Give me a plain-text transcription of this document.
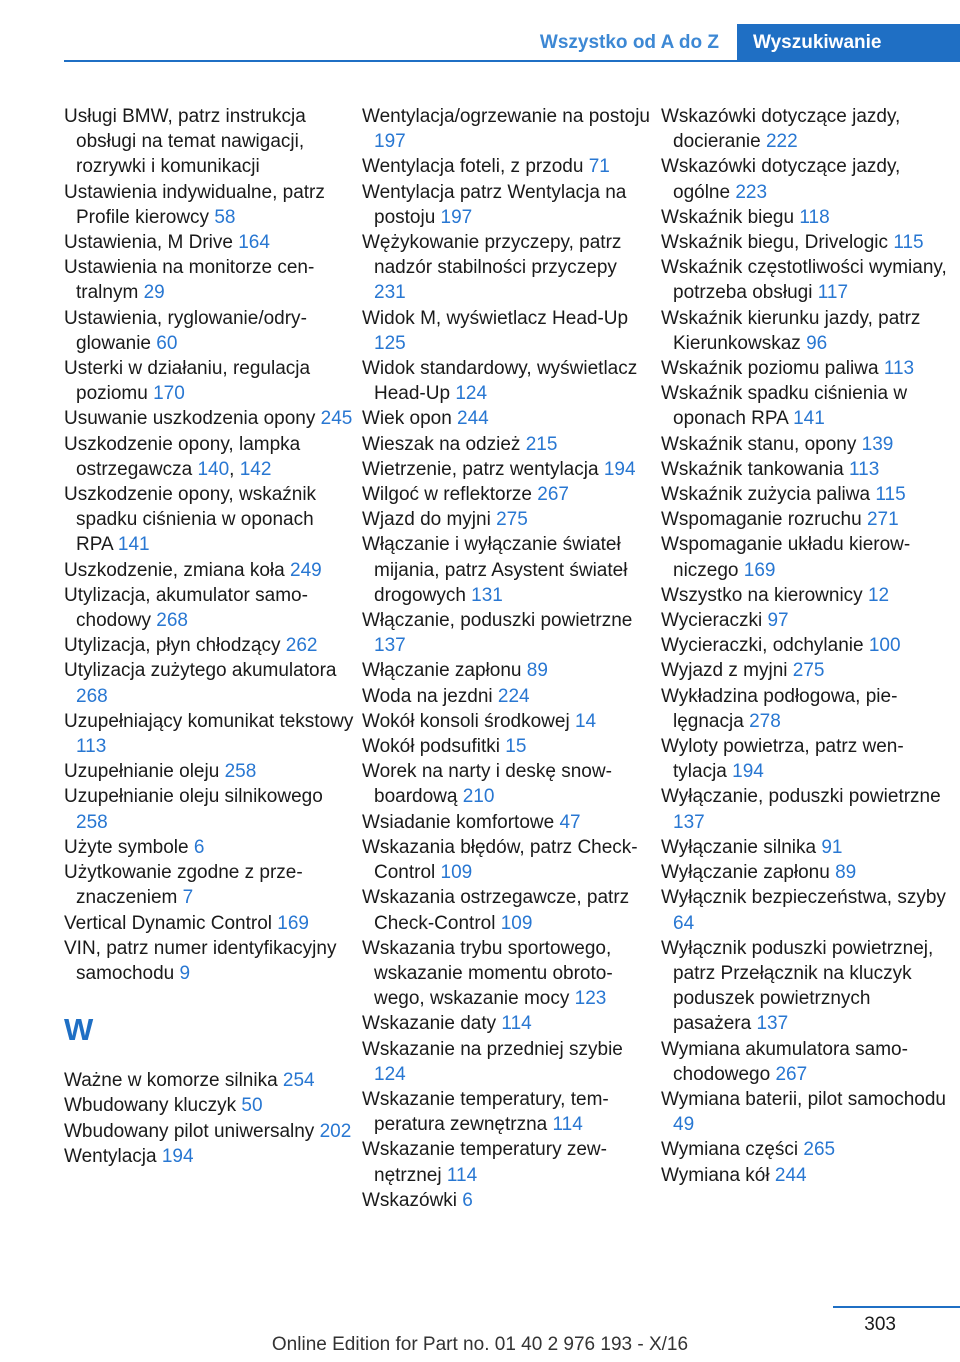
Wszystko od A do Z	Wyszukiwanie
Usługi BMW, patrz instrukcja obsługi na temat nawigacji, rozrywki i komunikacji
Ustawienia indywidualne, patrz Profile kierowcy 58
Ustawienia, M Drive 164
Ustawienia na monitorze centralnym 29
Ustawienia, ryglowanie/odryglowanie 60
Usterki w działaniu, regulacja poziomu 170
Usuwanie uszkodzenia opony 245
Uszkodzenie opony, lampka ostrzegawcza 140, 142
Uszkodzenie opony, wskaźnik spadku ciśnienia w oponach RPA 141
Uszkodzenie, zmiana koła 249
Utylizacja, akumulator samochodowy 268
Utylizacja, płyn chłodzący 262
Utylizacja zużytego akumulatora 268
Uzupełniający komunikat tekstowy 113
Uzupełnianie oleju 258
Uzupełnianie oleju silnikowego 258
Użyte symbole 6
Użytkowanie zgodne z przeznaczeniem 7
Vertical Dynamic Control 169
VIN, patrz numer identyfikacyjny samochodu 9
W
Ważne w komorze silnika 254
Wbudowany kluczyk 50
Wbudowany pilot uniwersalny 202
Wentylacja 194
Wentylacja/ogrzewanie na postoju 197
Wentylacja foteli, z przodu 71
Wentylacja patrz Wentylacja na postoju 197
Wężykowanie przyczepy, patrz nadzór stabilności przyczepy 231
Widok M, wyświetlacz Head-Up 125
Widok standardowy, wyświetlacz Head-Up 124
Wiek opon 244
Wieszak na odzież 215
Wietrzenie, patrz wentylacja 194
Wilgoć w reflektorze 267
Wjazd do myjni 275
Włączanie i wyłączanie świateł mijania, patrz Asystent świateł drogowych 131
Włączanie, poduszki powietrzne 137
Włączanie zapłonu 89
Woda na jezdni 224
Wokół konsoli środkowej 14
Wokół podsufitki 15
Worek na narty i deskę snowboardową 210
Wsiadanie komfortowe 47
Wskazania błędów, patrz Check-Control 109
Wskazania ostrzegawcze, patrz Check-Control 109
Wskazania trybu sportowego, wskazanie momentu obrotowego, wskazanie mocy 123
Wskazanie daty 114
Wskazanie na przedniej szybie 124
Wskazanie temperatury, temperatura zewnętrzna 114
Wskazanie temperatury zewnętrznej 114
Wskazówki 6
Wskazówki dotyczące jazdy, docieranie 222
Wskazówki dotyczące jazdy, ogólne 223
Wskaźnik biegu 118
Wskaźnik biegu, Drivelogic 115
Wskaźnik częstotliwości wymiany, potrzeba obsługi 117
Wskaźnik kierunku jazdy, patrz Kierunkowskaz 96
Wskaźnik poziomu paliwa 113
Wskaźnik spadku ciśnienia w oponach RPA 141
Wskaźnik stanu, opony 139
Wskaźnik tankowania 113
Wskaźnik zużycia paliwa 115
Wspomaganie rozruchu 271
Wspomaganie układu kierowniczego 169
Wszystko na kierownicy 12
Wycieraczki 97
Wycieraczki, odchylanie 100
Wyjazd z myjni 275
Wykładzina podłogowa, pielęgnacja 278
Wyloty powietrza, patrz wentylacja 194
Wyłączanie, poduszki powietrzne 137
Wyłączanie silnika 91
Wyłączanie zapłonu 89
Wyłącznik bezpieczeństwa, szyby 64
Wyłącznik poduszki powietrznej, patrz Przełącznik na kluczyk poduszek powietrznych pasażera 137
Wymiana akumulatora samochodowego 267
Wymiana baterii, pilot samochodu 49
Wymiana części 265
Wymiana kół 244
303
Online Edition for Part no. 01 40 2 976 193 - X/16
